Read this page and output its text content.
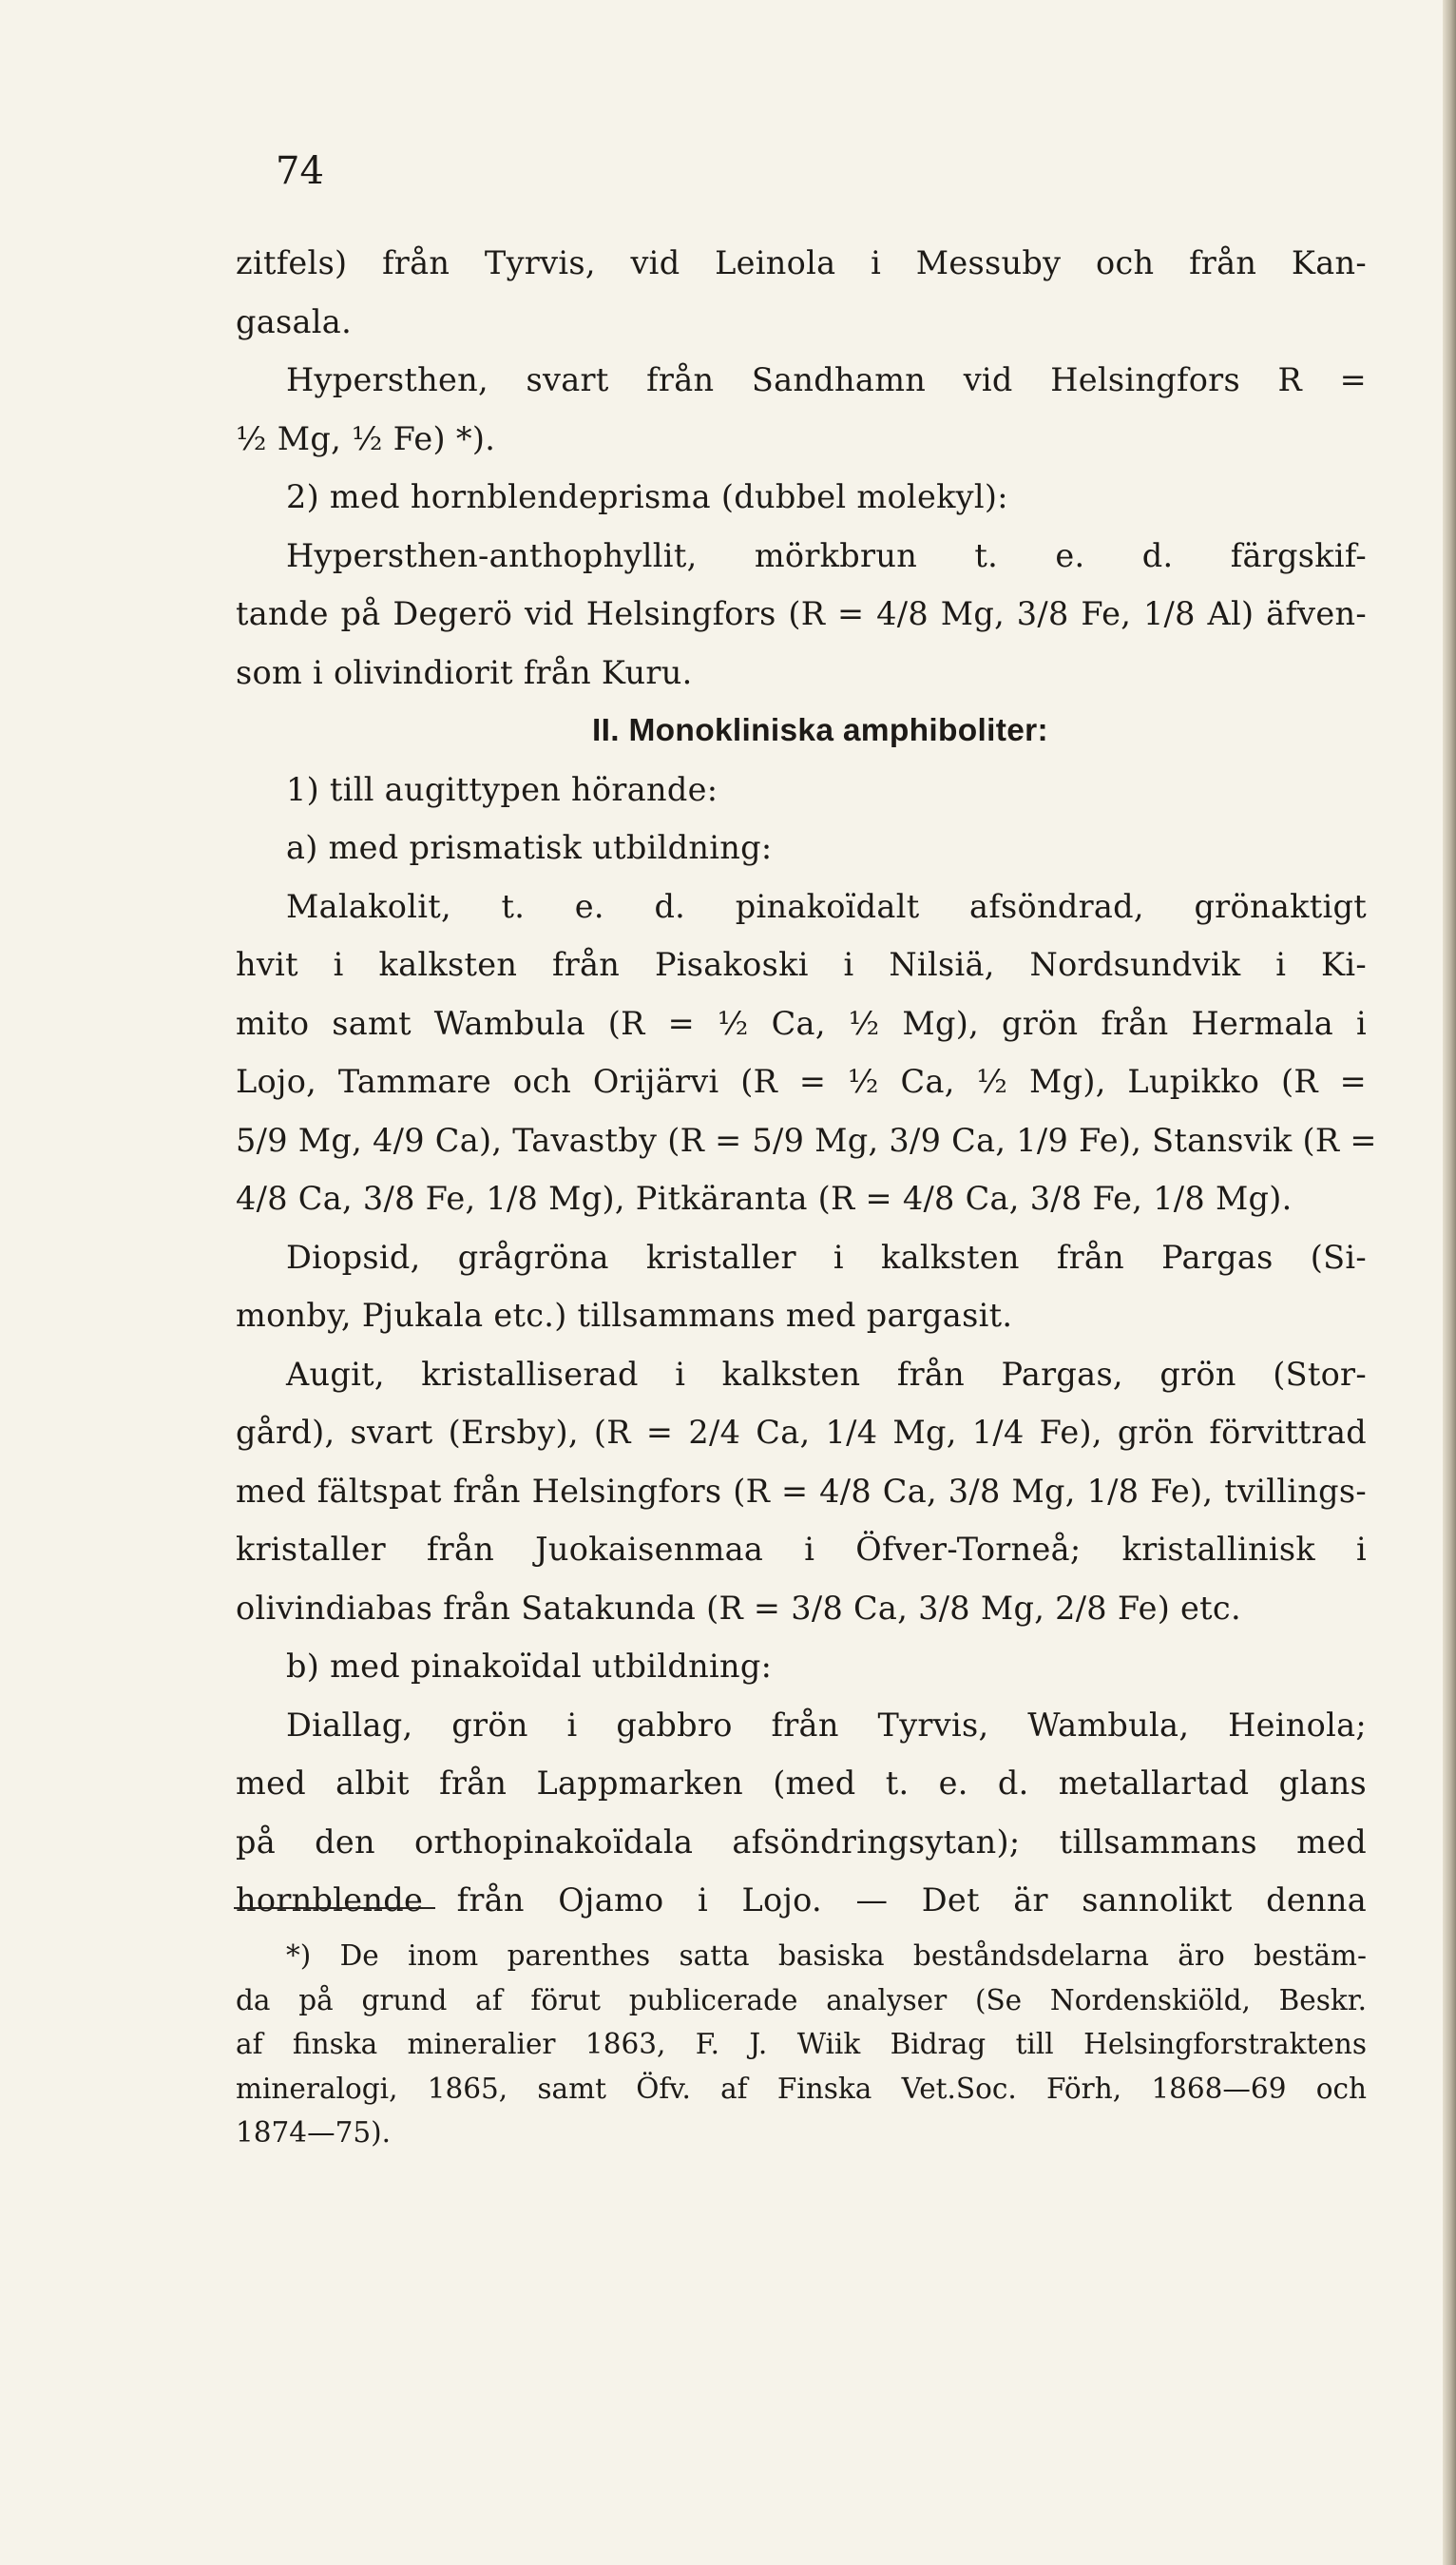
74
zitfels) från Tyrvis, vid Leinola i Messuby och från Kan-
gasala.
Hypersthen, svart från Sandhamn vid Helsingfors R =
½ Mg, ½ Fe) *).
2) med hornblendeprisma (dubbel molekyl):
Hypersthen-anthophyllit, mörkbrun t. e. d. färgskif-
tande på Degerö vid Helsingfors (R = 4/8 Mg, 3/8 Fe, 1/8 Al) äfven-
som i olivindiorit från Kuru.
II. Monokliniska amphiboliter:
1) till augittypen hörande:
a) med prismatisk utbildning:
Malakolit, t. e. d. pinakoïdalt afsöndrad, grönaktigt
hvit i kalksten från Pisakoski i Nilsiä, Nordsundvik i Ki-
mito samt Wambula (R = ½ Ca, ½ Mg), grön från Hermala i
Lojo, Tammare och Orijärvi (R = ½ Ca, ½ Mg), Lupikko (R =
5/9 Mg, 4/9 Ca), Tavastby (R = 5/9 Mg, 3/9 Ca, 1/9 Fe), Stansvik (R =
4/8 Ca, 3/8 Fe, 1/8 Mg), Pitkäranta (R = 4/8 Ca, 3/8 Fe, 1/8 Mg).
Diopsid, grågröna kristaller i kalksten från Pargas (Si-
monby, Pjukala etc.) tillsammans med pargasit.
Augit, kristalliserad i kalksten från Pargas, grön (Stor-
gård), svart (Ersby), (R = 2/4 Ca, 1/4 Mg, 1/4 Fe), grön förvittrad
med fältspat från Helsingfors (R = 4/8 Ca, 3/8 Mg, 1/8 Fe), tvillings-
kristaller från Juokaisenmaa i Öfver-Torneå; kristallinisk i
olivindiabas från Satakunda (R = 3/8 Ca, 3/8 Mg, 2/8 Fe) etc.
b) med pinakoïdal utbildning:
Diallag, grön i gabbro från Tyrvis, Wambula, Heinola;
med albit från Lappmarken (med t. e. d. metallartad glans
på den orthopinakoïdala afsöndringsytan); tillsammans med
hornblende från Ojamo i Lojo. — Det är sannolikt denna
*) De inom parenthes satta basiska beståndsdelarna äro bestäm-
da på grund af förut publicerade analyser (Se Nordenskiöld, Beskr.
af finska mineralier 1863, F. J. Wiik Bidrag till Helsingforstraktens
mineralogi, 1865, samt Öfv. af Finska Vet.Soc. Förh, 1868—69 och
1874—75).
